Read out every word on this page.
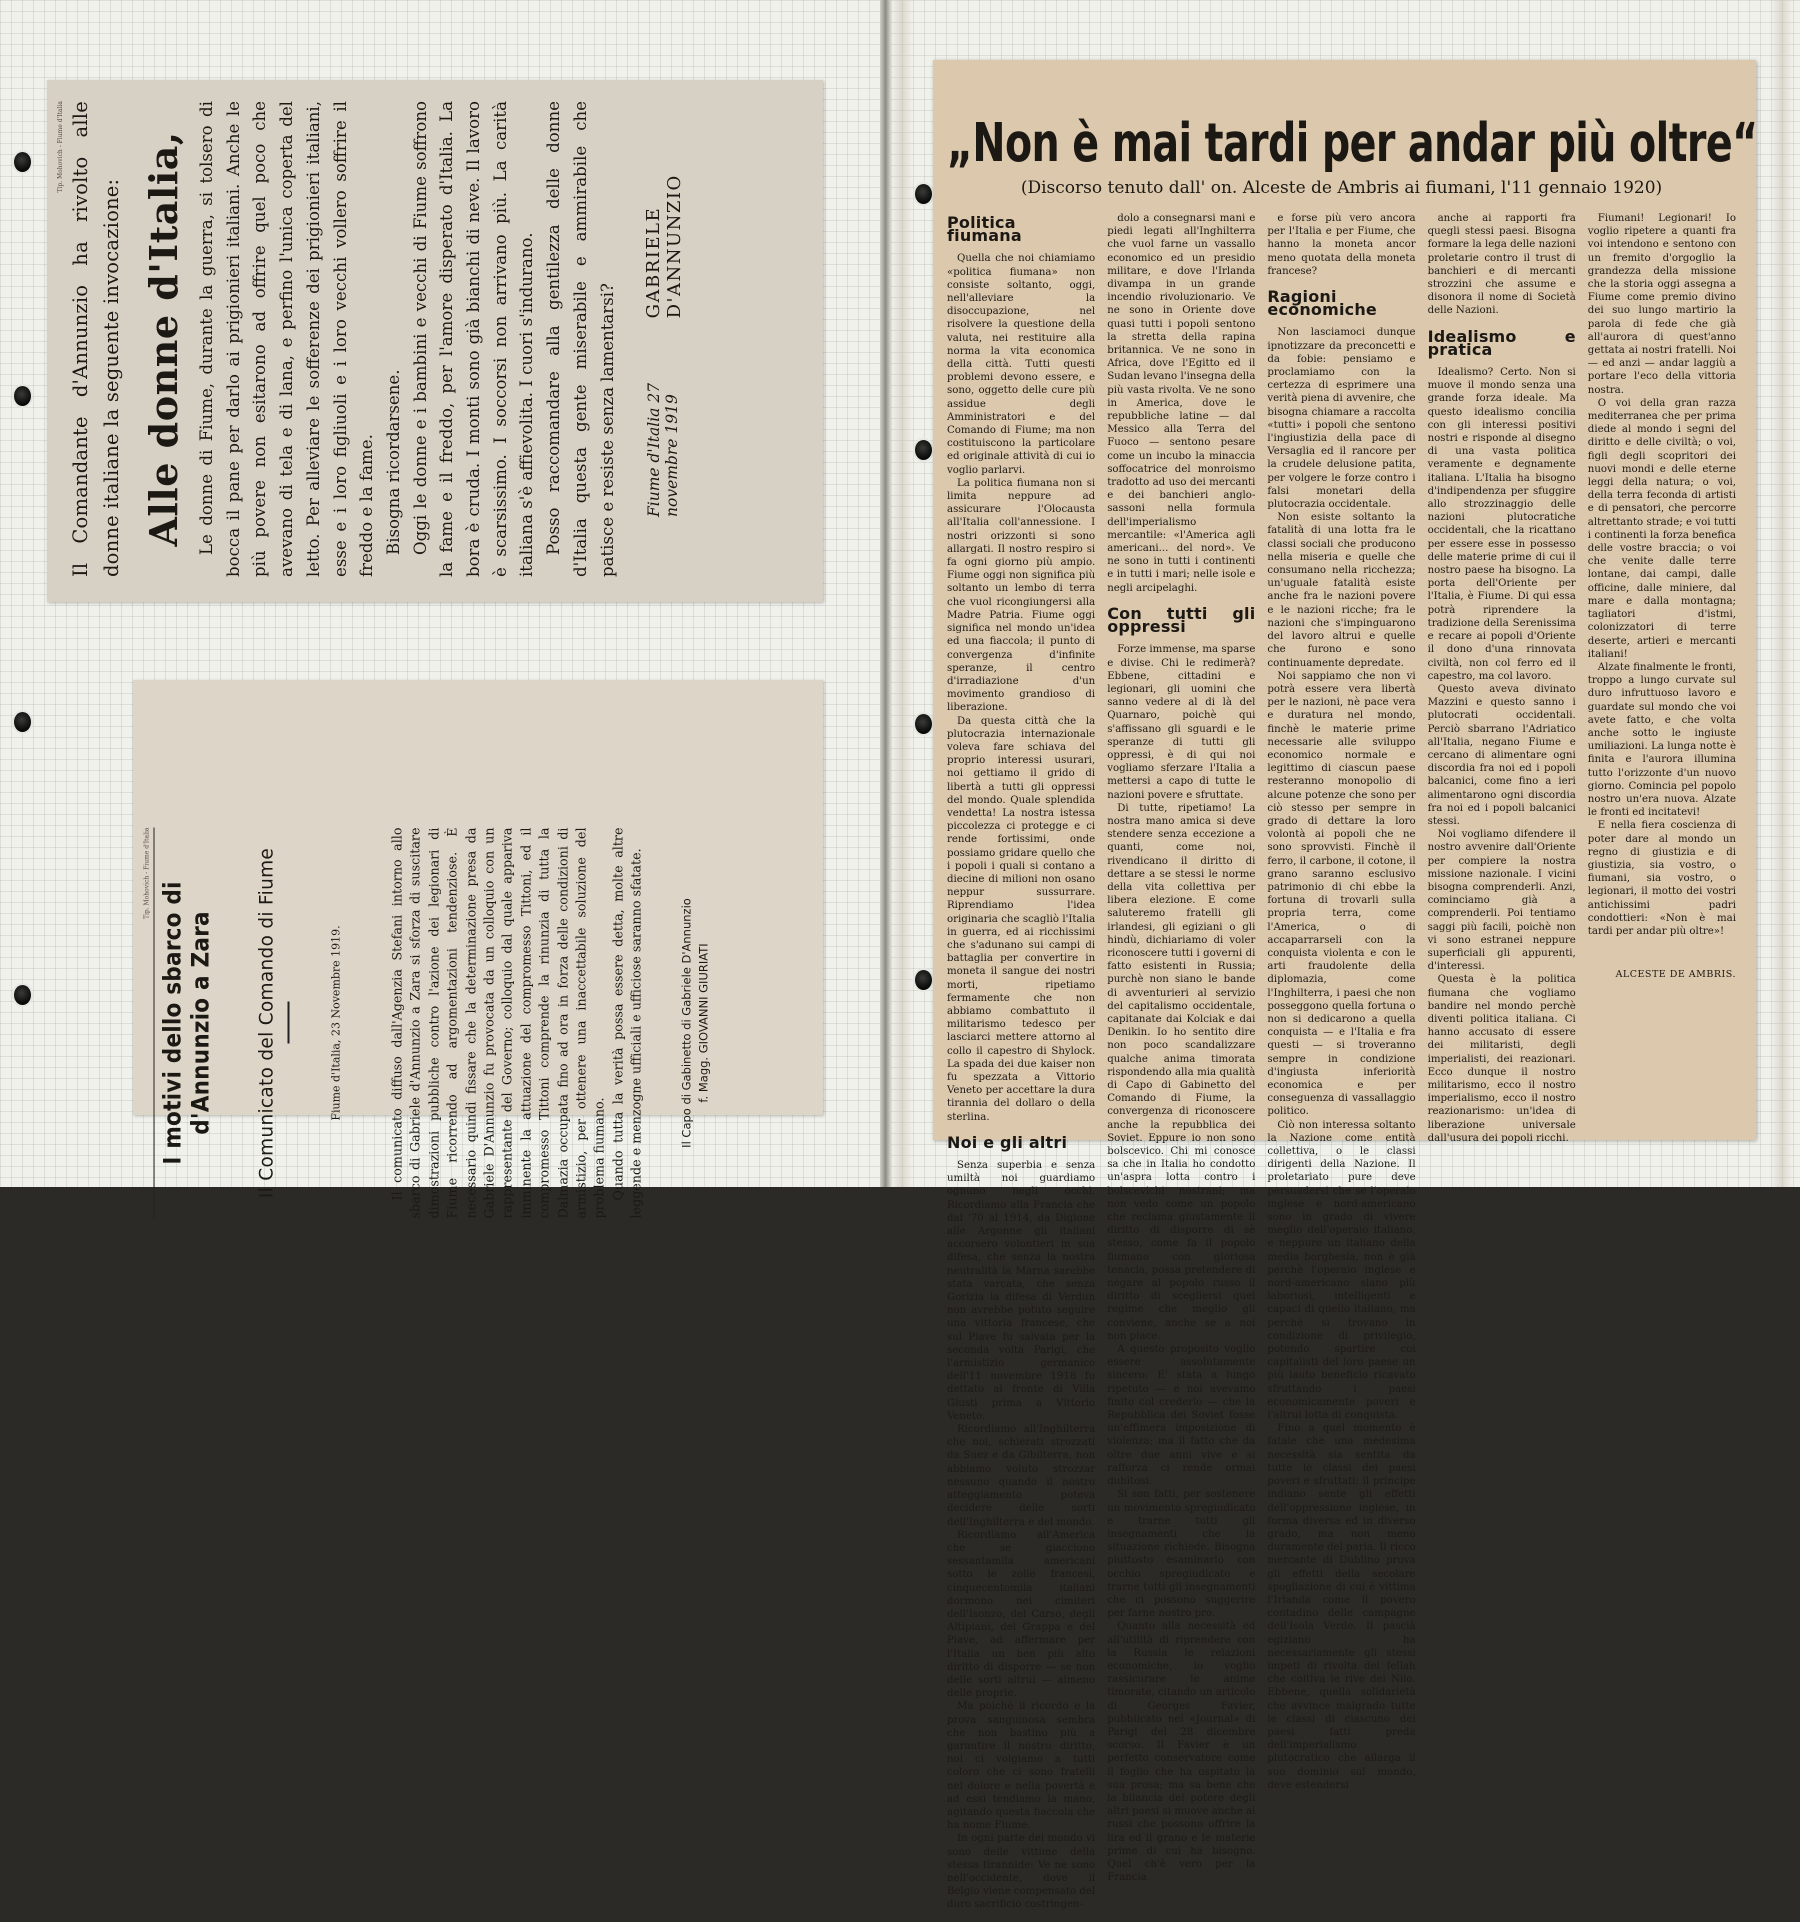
Tip. Mohovich - Fiume d'Italia Il Comandante d'Annunzio ha rivolto alle donne italiane la seguente invocazione: Alle donne d'Italia, Le donne di Fiume, durante la guerra, si tolsero di bocca il pane per darlo ai prigionieri italiani. Anche le più povere non esitarono ad offrire quel poco che avevano di tela e di lana, e perfino l'unica coperta del letto. Per alleviare le sofferenze dei prigionieri italiani, esse e i loro figliuoli e i loro vecchi vollero soffrire il freddo e la fame. Bisogna ricordarsene. Oggi le donne e i bambini e vecchi di Fiume soffrono la fame e il freddo, per l'amore disperato d'Italia. La bora è cruda. I monti sono già bianchi di neve. Il lavoro è scarsissimo. I soccorsi non arrivano più. La carità italiana s'è affievolita. I cuori s'indurano. Posso raccomandare alla gentilezza delle donne d'Italia questa gente miserabile e ammirabile che patisce e resiste senza lamentarsi?	Fiume d'Italia 27 novembre 1919
GABRIELE D'ANNUNZIO
Tip. Mohovich - Fiume d'Italia
I motivi dello sbarco di d'Annunzio a Zara Il Comunicato del Comando di Fiume	Fiume d'Italia, 23 Novembre 1919.	Il comunicato diffuso dall'Agenzia Stefani intorno allo sbarco di Gabriele d'Annunzio a Zara si sforza di suscitare dimostrazioni pubbliche contro l'azione dei legionari di Fiume ricorrendo ad argomentazioni tendenziose. È necessario quindi fissare che la determinazione presa da Gabriele D'Annunzio fu provocata da un colloquio con un rappresentante del Governo; colloquio dal quale appariva imminente la attuazione del compromesso Tittoni, ed il compromesso Tittoni comprende la rinunzia di tutta la Dalmazia occupata fino ad ora in forza delle condizioni di armistizio, per ottenere una inaccettabile soluzione del problema fiumano. Quando tutta la verità possa essere detta, molte altre leggende e menzogne ufficiali e ufficiose saranno sfatate.	Il Capo di Gabinetto di Gabriele D'Annunzio f. Magg. GIOVANNI GIURIATI
„Non è mai tardi per andar più oltre“
(Discorso tenuto dall' on. Alceste de Ambris ai fiumani, l'11 gennaio 1920)
Politica fiumana

Quella che noi chiamiamo «politica fiumana» non consiste soltanto, oggi, nell'alleviare la disoccupazione, nel risolvere la questione della valuta, nei restituire alla norma la vita economica della città. Tutti questi problemi devono essere, e sono, oggetto delle cure più assidue degli Amministratori e del Comando di Fiume; ma non costituiscono la particolare ed originale attività di cui io voglio parlarvi.

La politica fiumana non si limita neppure ad assicurare l'Olocausta all'Italia coll'annessione. I nostri orizzonti si sono allargati. Il nostro respiro si fa ogni giorno più ampio. Fiume oggi non significa più soltanto un lembo di terra che vuol ricongiungersi alla Madre Patria. Fiume oggi significa nel mondo un'idea ed una fiaccola; il punto di convergenza d'infinite speranze, il centro d'irradiazione d'un movimento grandioso di liberazione.

Da questa città che la plutocrazia internazionale voleva fare schiava del proprio interessi usurari, noi gettiamo il grido di libertà a tutti gli oppressi del mondo. Quale splendida vendetta! La nostra istessa piccolezza ci protegge e ci rende fortissimi, onde possiamo gridare quello che i popoli i quali si contano a diecine di milioni non osano neppur sussurrare. Riprendiamo l'idea originaria che scagliò l'Italia in guerra, ed ai ricchissimi che s'adunano sui campi di battaglia per convertire in moneta il sangue dei nostri morti, ripetiamo fermamente che non abbiamo combattuto il militarismo tedesco per lasciarci mettere attorno al collo il capestro di Shylock. La spada dei due kaiser non fu spezzata a Vittorio Veneto per accettare la dura tirannia del dollaro o della sterlina.

Noi e gli altri

Senza superbia e senza umiltà noi guardiamo ognuno negli occhi. Ricordiamo alla Francia che dal '70 al 1914, da Digione alle Argonne gli italiani accorsero volontieri in sua difesa, che senza la nostra neutralità la Marna sarebbe stata varcata, che senza Gorizia la difesa di Verdun non avrebbe potuto seguire una vittoria francese, che sul Piave fu salvata per la seconda volta Parigi, che l'armistizio germanico dell'11 novembre 1918 fu dettato al fronte di Villa Giusti prima a Vittorio Veneto.

Ricordiamo all'Inghilterra che noi, schierati strozzati da Suez e da Gibilterra, non abbiamo voluto strozzar nessuno quando il nostro atteggiamento poteva decidere delle sorti dell'Inghilterra e del mondo.

Ricordiamo all'America che se giacciono sessantamila americani sotto le zolle francesi, cinquecentomila italiani dormono nei cimiteri dell'Isonzo, del Carso, degli Altipiani, del Grappa e del Piave, ad affermare per l'Italia un ben più alto diritto di disporre — se non delle sorti altrui — almeno delle proprie.

Ma poichè il ricordo e la prova sanguinosa sembra che non bastino più a garantire il nostro diritto, noi ci volgiamo a tutti coloro che ci sono fratelli nel dolore e nella povertà e ad essi tendiamo la mano, agitando questa fiaccola che ha nome Fiume.

In ogni parte del mondo vi sono delle vittime della stessa tirannide: Ve ne sono nell'occidente, dove il Belgio viene compensato del duro sacrificio costringen-

dolo a consegnarsi mani e piedi legati all'Inghilterra che vuol farne un vassallo economico ed un presidio militare, e dove l'Irlanda divampa in un grande incendio rivoluzionario. Ve ne sono in Oriente dove quasi tutti i popoli sentono la stretta della rapina britannica. Ve ne sono in Africa, dove l'Egitto ed il Sudan levano l'insegna della più vasta rivolta. Ve ne sono in America, dove le repubbliche latine — dal Messico alla Terra del Fuoco — sentono pesare come un incubo la minaccia soffocatrice del monroismo tradotto ad uso dei mercanti e dei banchieri anglo-sassoni nella formula dell'imperialismo mercantile: «l'America agli americani... del nord». Ve ne sono in tutti i continenti e in tutti i mari; nelle isole e negli arcipelaghi.

Con tutti gli oppressi

Forze immense, ma sparse e divise. Chi le redimerà? Ebbene, cittadini e legionari, gli uomini che sanno vedere al di là del Quarnaro, poichè qui s'affissano gli sguardi e le speranze di tutti gli oppressi, è di qui noi vogliamo sferzare l'Italia a mettersi a capo di tutte le nazioni povere e sfruttate.

Di tutte, ripetiamo! La nostra mano amica si deve stendere senza eccezione a quanti, come noi, rivendicano il diritto di dettare a se stessi le norme della vita collettiva per libera elezione. E come saluteremo fratelli gli irlandesi, gli egiziani o gli hindù, dichiariamo di voler riconoscere tutti i governi di fatto esistenti in Russia; purchè non siano le bande di avventurieri al servizio del capitalismo occidentale, capitanate dai Kolciak e dai Denikin. Io ho sentito dire non poco scandalizzare qualche anima timorata rispondendo alla mia qualità di Capo di Gabinetto del Comando di Fiume, la convergenza di riconoscere anche la repubblica dei Soviet. Eppure io non sono bolscevico. Chi mi conosce sa che in Italia ho condotto un'aspra lotta contro i bolscevichi nostrani; ma non vedo come un popolo che reclama giustamente il diritto di disporre di sè stesso, come fa il popolo fiumano con gloriosa tenacia, possa pretendere di negare al popolo russo il diritto di scegliersi quel regime che meglio gli conviene, anche se a noi non piace.

A questo proposito voglio essere assolutamente sincero: E' stata a lungo ripetuto — e noi avevamo finito col crederlo — che la Repubblica dei Soviet fosse un'effimera imposizione di violenza; ma il fatto che da oltre due anni vive e si rafforza ci rende ormai dubitosi.

Si son fatti, per sostenere un movimento spregiudicato e trarne tutti gli insegnamenti che la situazione richiede. Bisogna piuttosto esaminarlo con occhio spregiudicato e trarne tutti gli insegnamenti che ci possono suggerire per farne nostro pro.

Quanto alla necessità ed all'utilità di riprendere con la Russia le relazioni economiche, io voglio rassicurare le anime timorate, citando un articolo di Georges Favier, pubblicato nel «Journal» di Parigi del 28 dicembre scorso. Il Favier è un perfetto conservatore come il foglio che ha ospitato la sua prosa; ma sa bene che la bilancia del potere degli altri paesi si muove anche ai russi che possono offrire la lira ed il grano e le materie prime di cui ha bisogno. Quel ch'è vero per la Francia

e forse più vero ancora per l'Italia e per Fiume, che hanno la moneta ancor meno quotata della moneta francese?

Ragioni economiche

Non lasciamoci dunque ipnotizzare da preconcetti e da fobie: pensiamo e proclamiamo con la certezza di esprimere una verità piena di avvenire, che bisogna chiamare a raccolta «tutti» i popoli che sentono l'ingiustizia della pace di Versaglia ed il rancore per la crudele delusione patita, per volgere le forze contro i falsi monetari della plutocrazia occidentale.

Non esiste soltanto la fatalità di una lotta fra le classi sociali che producono nella miseria e quelle che consumano nella ricchezza; un'uguale fatalità esiste anche fra le nazioni povere e le nazioni ricche; fra le nazioni che s'impinguarono del lavoro altrui e quelle che furono e sono continuamente depredate.

Noi sappiamo che non vi potrà essere vera libertà per le nazioni, nè pace vera e duratura nel mondo, finchè le materie prime necessarie alle sviluppo economico normale e legittimo di ciascun paese resteranno monopolio di alcune potenze che sono per ciò stesso per sempre in grado di dettare la loro volontà ai popoli che ne sono sprovvisti. Finchè il ferro, il carbone, il cotone, il grano saranno esclusivo patrimonio di chi ebbe la fortuna di trovarli sulla propria terra, come l'America, o di accaparrarseli con la conquista violenta e con le arti fraudolente della diplomazia, come l'Inghilterra, i paesi che non posseggono quella fortuna o non si dedicarono a quella conquista — e l'Italia e fra questi — si troveranno sempre in condizione d'ingiusta inferiorità economica e per conseguenza di vassallaggio politico.

Ciò non interessa soltanto la Nazione come entità collettiva, o le classi dirigenti della Nazione. Il proletariato pure deve persuadersi che se l'operaio inglese e nord-americano sono in grado di vivere meglio dell'operaio italiano, e neppure un italiano della media borghesia, non è già perchè l'operaio inglese e nord-americano siano più laboriosi, intelligenti e capaci di quello italiano, ma perchè si trovano in condizione di privilegio, potendo spartire coi capitalisti del loro paese un più lauto beneficio ricavato sfruttando i paesi economicamente poveri e l'altrui lotta di conquista.

Fino a quel momento è fatale che una medesima necessità sia sentita da tutte le classi dei paesi poveri e sfruttati: il principe indiano sente gli effetti dell'oppressione inglese, in forma diversa ed in diverso grado, ma non meno duramente del paria. Il ricco mercante di Dublino prova gli effetti della secolare spogliazione di cui è vittima l'Irlanda come il povero contadino delle campagne dell'Isola Verde. Il pascià egiziano ha necessariamente gli stessi impeti di rivolta del fellah che coltiva le rive del Nilo. Ebbene, quella solidarietà che avvince malgrado tutte le classi di ciascuno dei paesi fatti preda dell'imperialismo plutocratico che allarga il suo dominio sul mondo, deve estendersi

anche ai rapporti fra quegli stessi paesi. Bisogna formare la lega delle nazioni proletarie contro il trust di banchieri e di mercanti strozzini che assume e disonora il nome di Società delle Nazioni.

Idealismo e pratica

Idealismo? Certo. Non si muove il mondo senza una grande forza ideale. Ma questo idealismo concilia con gli interessi positivi nostri e risponde al disegno di una vasta politica veramente e degnamente italiana. L'Italia ha bisogno d'indipendenza per sfuggire allo strozzinaggio delle nazioni plutocratiche occidentali, che la ricattano per essere esse in possesso delle materie prime di cui il nostro paese ha bisogno. La porta dell'Oriente per l'Italia, è Fiume. Di qui essa potrà riprendere la tradizione della Serenissima e recare ai popoli d'Oriente il dono d'una rinnovata civiltà, non col ferro ed il capestro, ma col lavoro.

Questo aveva divinato Mazzini e questo sanno i plutocrati occidentali. Perciò sbarrano l'Adriatico all'Italia, negano Fiume e cercano di alimentare ogni discordia fra noi ed i popoli balcanici, come fino a ieri alimentarono ogni discordia fra noi ed i popoli balcanici stessi.

Noi vogliamo difendere il nostro avvenire dall'Oriente per compiere la nostra missione nazionale. I vicini bisogna comprenderli. Anzi, cominciamo già a comprenderli. Poi tentiamo saggi più facili, poichè non vi sono estranei neppure superficiali gli appurenti, d'interessi.

Questa è la politica fiumana che vogliamo bandire nel mondo perchè diventi politica italiana. Ci hanno accusato di essere dei militaristi, degli imperialisti, dei reazionari. Ecco dunque il nostro militarismo, ecco il nostro imperialismo, ecco il nostro reazionarismo: un'idea di liberazione universale dall'usura dei popoli ricchi.

Fiumani! Legionari! Io voglio ripetere a quanti fra voi intendono e sentono con un fremito d'orgoglio la grandezza della missione che la storia oggi assegna a Fiume come premio divino dei suo lungo martirio la parola di fede che già all'aurora di quest'anno gettata ai nostri fratelli. Noi — ed anzi — andar laggiù a portare l'eco della vittoria nostra.

O voi della gran razza mediterranea che per prima diede al mondo i segni del diritto e delle civiltà; o voi, figli degli scopritori dei nuovi mondi e delle eterne leggi della natura; o voi, della terra feconda di artisti e di pensatori, che percorre altrettanto strade; e voi tutti i continenti la forza benefica delle vostre braccia; o voi che venite dalle terre lontane, dai campi, dalle officine, dalle miniere, dal mare e dalla montagna; tagliatori d'istmi, colonizzatori di terre deserte, artieri e mercanti italiani!

Alzate finalmente le fronti, troppo a lungo curvate sul duro infruttuoso lavoro e guardate sul mondo che voi avete fatto, e che volta anche sotto le ingiuste umiliazioni. La lunga notte è finita e l'aurora illumina tutto l'orizzonte d'un nuovo giorno. Comincia pel popolo nostro un'era nuova. Alzate le fronti ed incitatevi!

E nella fiera coscienza di poter dare al mondo un regno di giustizia e di giustizia, sia vostro, o fiumani, sia vostro, o legionari, il motto dei vostri antichissimi padri condottieri: «Non è mai tardi per andar più oltre»!

ALCESTE DE AMBRIS.
